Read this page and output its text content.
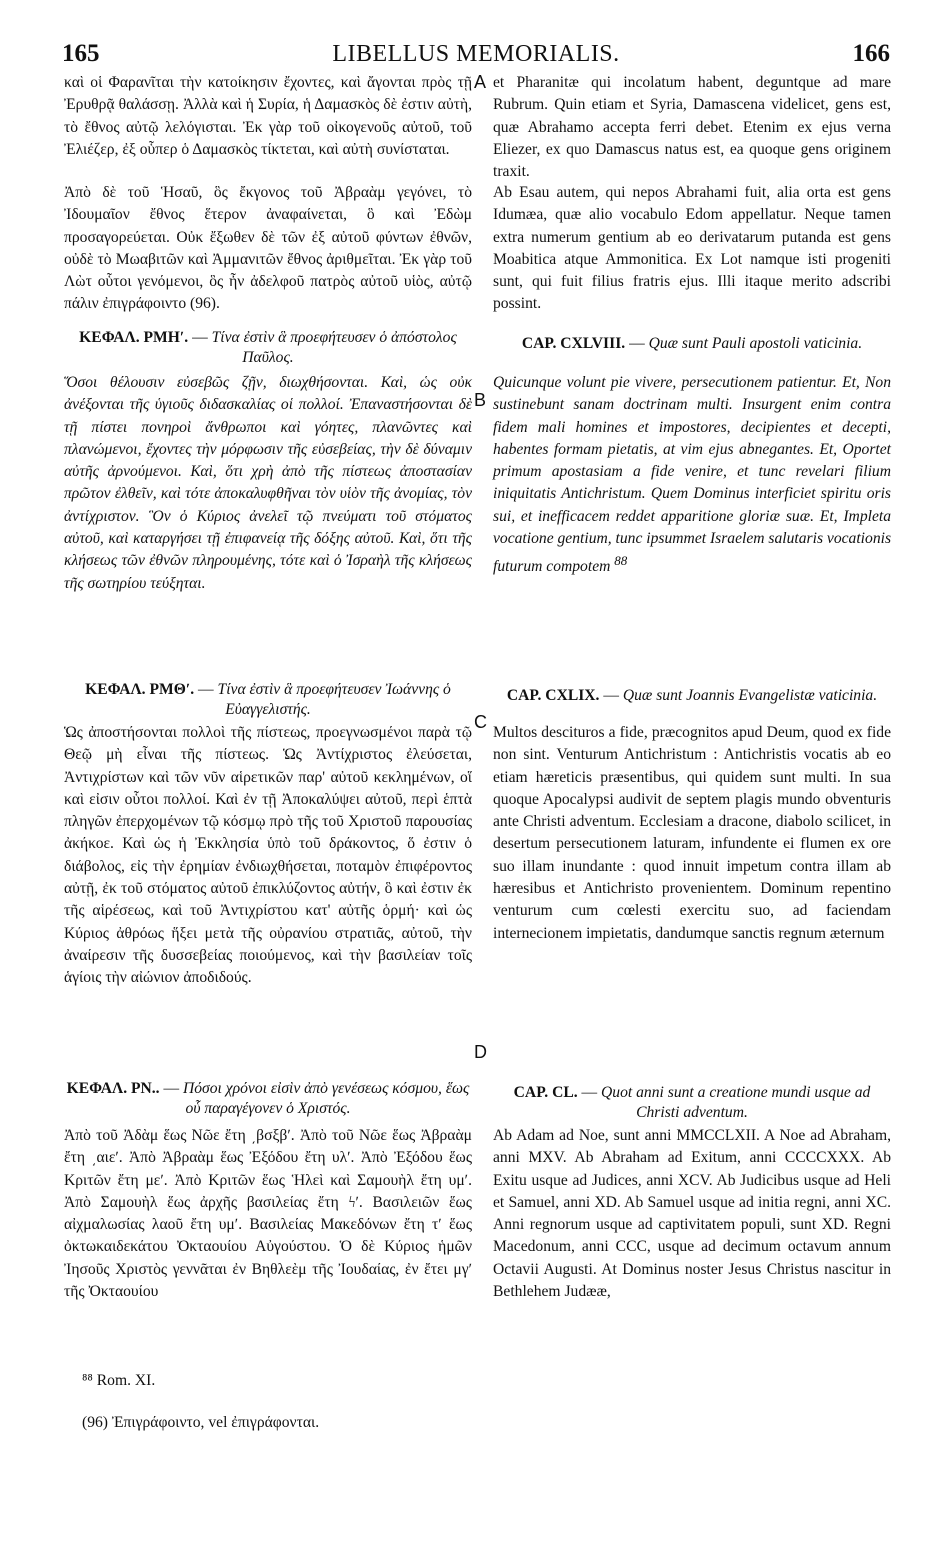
165	LIBELLUS MEMORIALIS.	166

καὶ οἱ Φαρανῖται τὴν κατοίκησιν ἔχοντες, καὶ ἄγονται πρὸς τῇ Ἐρυθρᾷ θαλάσσῃ. Ἀλλὰ καὶ ἡ Συρία, ἡ Δαμασκὸς δὲ ἐστιν αὐτὴ, τὸ ἔθνος αὐτῷ λελόγισται. Ἐκ γὰρ τοῦ οἰκογενοῦς αὐτοῦ, τοῦ Ἐλιέζερ, ἐξ οὗπερ ὁ Δαμασκὸς τίκτεται, καὶ αὐτὴ συνίσταται.

Ἀπὸ δὲ τοῦ Ἡσαῦ, ὃς ἔκγονος τοῦ Ἀβραὰμ γεγόνει, τὸ Ἰδουμαῖον ἔθνος ἕτερον ἀναφαίνεται, ὃ καὶ Ἐδὼμ προσαγορεύεται. Οὐκ ἔξωθεν δὲ τῶν ἐξ αὐτοῦ φύντων ἐθνῶν, οὐδὲ τὸ Μωαβιτῶν καὶ Ἀμμανιτῶν ἔθνος ἀριθμεῖται. Ἐκ γὰρ τοῦ Λὼτ οὗτοι γενόμενοι, ὃς ἦν ἀδελφοῦ πατρὸς αὐτοῦ υἱὸς, αὐτῷ πάλιν ἐπιγράφοιντο (96).

ΚΕΦΑΛ. ΡΜΗʹ. — Τίνα ἐστὶν ἃ προεφήτευσεν ὁ ἀπόστολος Παῦλος.

Ὅσοι θέλουσιν εὐσεβῶς ζῇν, διωχθήσονται. Καὶ, ὡς οὐκ ἀνέξονται τῆς ὑγιοῦς διδασκαλίας οἱ πολλοί. Ἐπαναστήσονται δὲ τῇ πίστει πονηροὶ ἄνθρωποι καὶ γόητες, πλανῶντες καὶ πλανώμενοι, ἔχοντες τὴν μόρφωσιν τῆς εὐσεβείας, τὴν δὲ δύναμιν αὐτῆς ἀρνούμενοι. Καὶ, ὅτι χρὴ ἀπὸ τῆς πίστεως ἀποστασίαν πρῶτον ἐλθεῖν, καὶ τότε ἀποκαλυφθῆναι τὸν υἱὸν τῆς ἀνομίας, τὸν ἀντίχριστον. Ὃν ὁ Κύριος ἀνελεῖ τῷ πνεύματι τοῦ στόματος αὐτοῦ, καὶ καταργήσει τῇ ἐπιφανείᾳ τῆς δόξης αὐτοῦ. Καὶ, ὅτι τῆς κλήσεως τῶν ἐθνῶν πληρουμένης, τότε καὶ ὁ Ἰσραὴλ τῆς κλήσεως τῆς σωτηρίου τεύξηται.

ΚΕΦΑΛ. ΡΜΘʹ. — Τίνα ἐστὶν ἃ προεφήτευσεν Ἰωάννης ὁ Εὐαγγελιστής.

Ὡς ἀποστήσονται πολλοὶ τῆς πίστεως, προεγνωσμένοι παρὰ τῷ Θεῷ μὴ εἶναι τῆς πίστεως. Ὡς Ἀντίχριστος ἐλεύσεται, Ἀντιχρίστων καὶ τῶν νῦν αἱρετικῶν παρ' αὐτοῦ κεκλημένων, οἵ καὶ εἰσιν οὗτοι πολλοί. Καὶ ἐν τῇ Ἀποκαλύψει αὐτοῦ, περὶ ἑπτὰ πληγῶν ἐπερχομένων τῷ κόσμῳ πρὸ τῆς τοῦ Χριστοῦ παρουσίας ἀκήκοε. Καὶ ὡς ἡ Ἐκκλησία ὑπὸ τοῦ δράκοντος, ὅ ἐστιν ὁ διάβολος, εἰς τὴν ἐρημίαν ἐνδιωχθήσεται, ποταμὸν ἐπιφέροντος αὐτῇ, ἐκ τοῦ στόματος αὐτοῦ ἐπικλύζοντος αὐτήν, ὃ καὶ ἐστιν ἐκ τῆς αἱρέσεως, καὶ τοῦ Ἀντιχρίστου κατ' αὐτῆς ὁρμή· καὶ ὡς Κύριος ἀθρόως ἥξει μετὰ τῆς οὐρανίου στρατιᾶς, αὐτοῦ, τὴν ἀναίρεσιν τῆς δυσσεβείας ποιούμενος, καὶ τὴν βασιλείαν τοῖς ἁγίοις τὴν αἰώνιον ἀποδιδούς.

ΚΕΦΑΛ. ΡΝ.. — Πόσοι χρόνοι εἰσὶν ἀπὸ γενέσεως κόσμου, ἕως οὗ παραγέγονεν ὁ Χριστός.

Ἀπὸ τοῦ Ἀδὰμ ἕως Νῶε ἔτη ͵βσξβʹ. Ἀπὸ τοῦ Νῶε ἕως Ἀβραὰμ ἔτη ͵αιεʹ. Ἀπὸ Ἀβραὰμ ἕως Ἐξόδου ἔτη υλʹ. Ἀπὸ Ἐξόδου ἕως Κριτῶν ἔτη μεʹ. Ἀπὸ Κριτῶν ἕως Ἡλεὶ καὶ Σαμουὴλ ἔτη υμʹ. Ἀπὸ Σαμουὴλ ἕως ἀρχῆς βασιλείας ἔτη ϟʹ. Βασιλειῶν ἕως αἰχμαλωσίας λαοῦ ἔτη υμʹ. Βασιλείας Μακεδόνων ἔτη τʹ ἕως ὀκτωκαιδεκάτου Ὀκταουίου Αὐγούστου. Ὁ δὲ Κύριος ἡμῶν Ἰησοῦς Χριστὸς γεννᾶται ἐν Βηθλεὲμ τῆς Ἰουδαίας, ἐν ἔτει μγʹ τῆς Ὀκταουίου

A
B
C
D

et Pharanitæ qui incolatum habent, deguntque ad mare Rubrum. Quin etiam et Syria, Damascena videlicet, gens est, quæ Abrahamo accepta ferri debet. Etenim ex ejus verna Eliezer, ex quo Damascus natus est, ea quoque gens originem traxit.

Ab Esau autem, qui nepos Abrahami fuit, alia orta est gens Idumæa, quæ alio vocabulo Edom appellatur. Neque tamen extra numerum gentium ab eo derivatarum putanda est gens Moabitica atque Ammonitica. Ex Lot namque isti progeniti sunt, qui fuit filius fratris ejus. Illi itaque merito adscribi possint.

CAP. CXLVIII. — Quæ sunt Pauli apostoli vaticinia.

Quicunque volunt pie vivere, persecutionem patientur. Et, Non sustinebunt sanam doctrinam multi. Insurgent enim contra fidem mali homines et impostores, decipientes et decepti, habentes formam pietatis, at vim ejus abnegantes. Et, Oportet primum apostasiam a fide venire, et tunc revelari filium iniquitatis Antichristum. Quem Dominus interficiet spiritu oris sui, et inefficacem reddet apparitione gloriæ suæ. Et, Impleta vocatione gentium, tunc ipsummet Israelem salutaris vocationis futurum compotem $^{88}$

CAP. CXLIX. — Quæ sunt Joannis Evangelistæ vaticinia.

Multos descituros a fide, præcognitos apud Deum, quod ex fide non sint. Venturum Antichristum : Antichristis vocatis ab eo etiam hæreticis præsentibus, qui quidem sunt multi. In sua quoque Apocalypsi audivit de septem plagis mundo obventuris ante Christi adventum. Ecclesiam a dracone, diabolo scilicet, in desertum persecutionem laturam, infundente ei flumen ex ore suo illam inundante : quod innuit impetum contra illam ab hæresibus et Antichristo provenientem. Dominum repentino venturum cum cœlesti exercitu suo, ad faciendam internecionem impietatis, dandumque sanctis regnum æternum

CAP. CL. — Quot anni sunt a creatione mundi usque ad Christi adventum.

Ab Adam ad Noe, sunt anni MMCCLXII. A Noe ad Abraham, anni MXV. Ab Abraham ad Exitum, anni CCCCXXX. Ab Exitu usque ad Judices, anni XCV. Ab Judicibus usque ad Heli et Samuel, anni XD. Ab Samuel usque ad initia regni, anni XC. Anni regnorum usque ad captivitatem populi, sunt XD. Regni Macedonum, anni CCC, usque ad decimum octavum annum Octavii Augusti. At Dominus noster Jesus Christus nascitur in Bethlehem Judææ,

⁸⁸ Rom. XI.

(96) Ἐπιγράφοιντο, vel ἐπιγράφονται.
